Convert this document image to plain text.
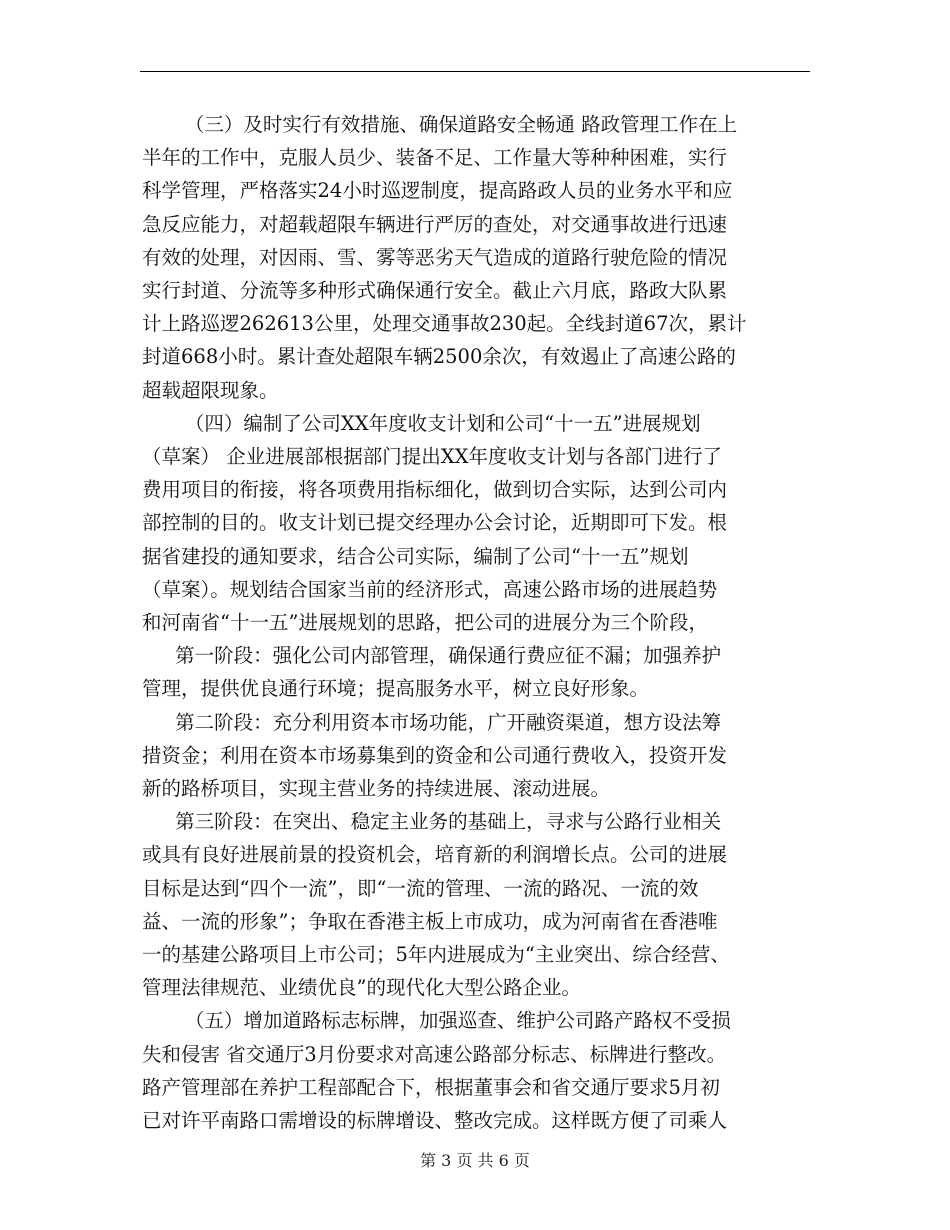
（三）及时实行有效措施、确保道路安全畅通 路政管理工作在上
半年的工作中，克服人员少、装备不足、工作量大等种种困难，实行
科学管理，严格落实24小时巡逻制度，提高路政人员的业务水平和应
急反应能力，对超载超限车辆进行严厉的查处，对交通事故进行迅速
有效的处理，对因雨、雪、雾等恶劣天气造成的道路行驶危险的情况
实行封道、分流等多种形式确保通行安全。截止六月底，路政大队累
计上路巡逻262613公里，处理交通事故230起。全线封道67次，累计
封道668小时。累计查处超限车辆2500余次，有效遏止了高速公路的
超载超限现象。

（四）编制了公司XX年度收支计划和公司“十一五”进展规划
（草案） 企业进展部根据部门提出XX年度收支计划与各部门进行了
费用项目的衔接，将各项费用指标细化，做到切合实际，达到公司内
部控制的目的。收支计划已提交经理办公会讨论，近期即可下发。根
据省建投的通知要求，结合公司实际，编制了公司“十一五”规划
（草案）。规划结合国家当前的经济形式，高速公路市场的进展趋势
和河南省“十一五”进展规划的思路，把公司的进展分为三个阶段，

第一阶段：强化公司内部管理，确保通行费应征不漏；加强养护
管理，提供优良通行环境；提高服务水平，树立良好形象。

第二阶段：充分利用资本市场功能，广开融资渠道，想方设法筹
措资金；利用在资本市场募集到的资金和公司通行费收入，投资开发
新的路桥项目，实现主营业务的持续进展、滚动进展。

第三阶段：在突出、稳定主业务的基础上，寻求与公路行业相关
或具有良好进展前景的投资机会，培育新的利润增长点。公司的进展
目标是达到“四个一流”，即“一流的管理、一流的路况、一流的效
益、一流的形象”；争取在香港主板上市成功，成为河南省在香港唯
一的基建公路项目上市公司；5年内进展成为“主业突出、综合经营、
管理法律规范、业绩优良”的现代化大型公路企业。

（五）增加道路标志标牌，加强巡查、维护公司路产路权不受损
失和侵害 省交通厅3月份要求对高速公路部分标志、标牌进行整改。
路产管理部在养护工程部配合下，根据董事会和省交通厅要求5月初
已对许平南路口需增设的标牌增设、整改完成。这样既方便了司乘人

第 3 页 共 6 页
